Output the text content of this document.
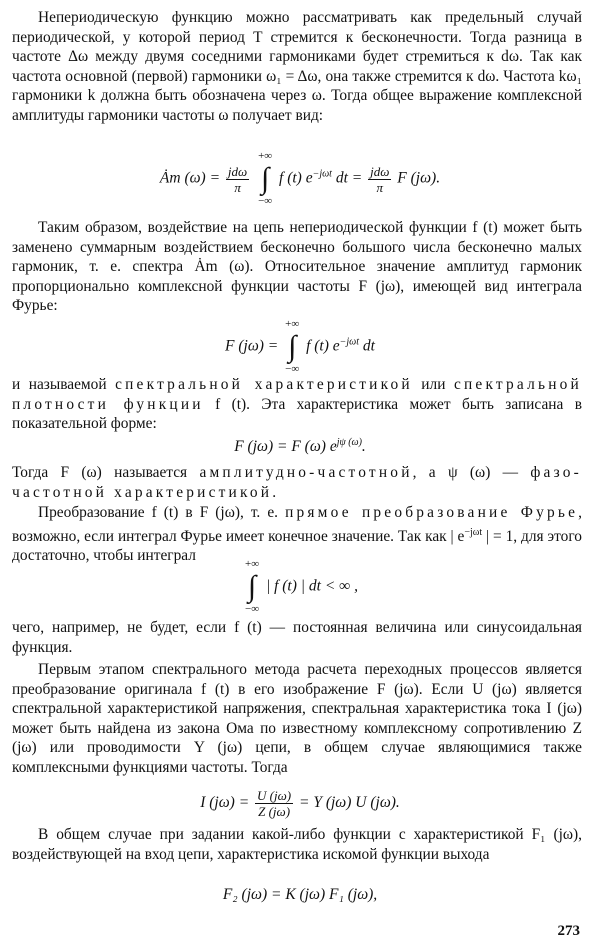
Непериодическую функцию можно рассматривать как предельный случай периодической, у которой период T стремится к бесконечности. Тогда разница в частоте Δω между двумя соседними гармониками будет стремиться к dω. Так как частота основной (первой) гармоники ω₁ = Δω, она также стремится к dω. Частота kω₁ гармоники k должна быть обозначена через ω. Тогда общее выражение комплексной амплитуды гармоники частоты ω получает вид:

Ȧm $(\omega) = \frac{\text{jdω}}{\pi}$

+∞
∫
−∞
f (t) $e^{-j\omega t}$ dt = $\frac{\text{jdω}}{\pi}$ F (jω).

Таким образом, воздействие на цепь непериодической функции f (t) может быть заменено суммарным воздействием бесконечно большого числа бесконечно малых гармоник, т. е. спектра Ȧm (ω). Относительное значение амплитуд гармоник пропорционально комплексной функции частоты F (jω), имеющей вид интеграла Фурье:

F (jω) =
+∞
∫
−∞
f (t) $e^{-j\omega t}$ dt

и называемой спектральной характеристикой или спектральной плотности функции f (t). Эта характеристика может быть записана в показательной форме:

F (jω) = F (ω) $e^{j\psi (\omega)}$.

Тогда F (ω) называется амплитудно-частотной, а ψ (ω) — фазо-частотной характеристикой.

Преобразование f (t) в F (jω), т. е. прямое преобразование Фурье, возможно, если интеграл Фурье имеет конечное значение. Так как | $e^{-j\omega t}$ | = 1, для этого достаточно, чтобы интеграл	+∞
∫
−∞
| f (t) | dt < ∞ ,

чего, например, не будет, если f (t) — постоянная величина или синусоидальная функция.

Первым этапом спектрального метода расчета переходных процессов является преобразование оригинала f (t) в его изображение F (jω). Если U (jω) является спектральной характеристикой напряжения, спектральная характеристика тока I (jω) может быть найдена из закона Ома по известному комплексному сопротивлению Z (jω) или проводимости Y (jω) цепи, в общем случае являющимися также комплексными функциями частоты. Тогда

I $(j\omega) = \frac{U (j\omega)}{Z (j\omega)} = Y$ (jω) U (jω).

В общем случае при задании какой-либо функции с характеристикой F₁ (jω), воздействующей на вход цепи, характеристика искомой функции выхода

F₂ (jω) = K (jω) F₁ (jω),
273
